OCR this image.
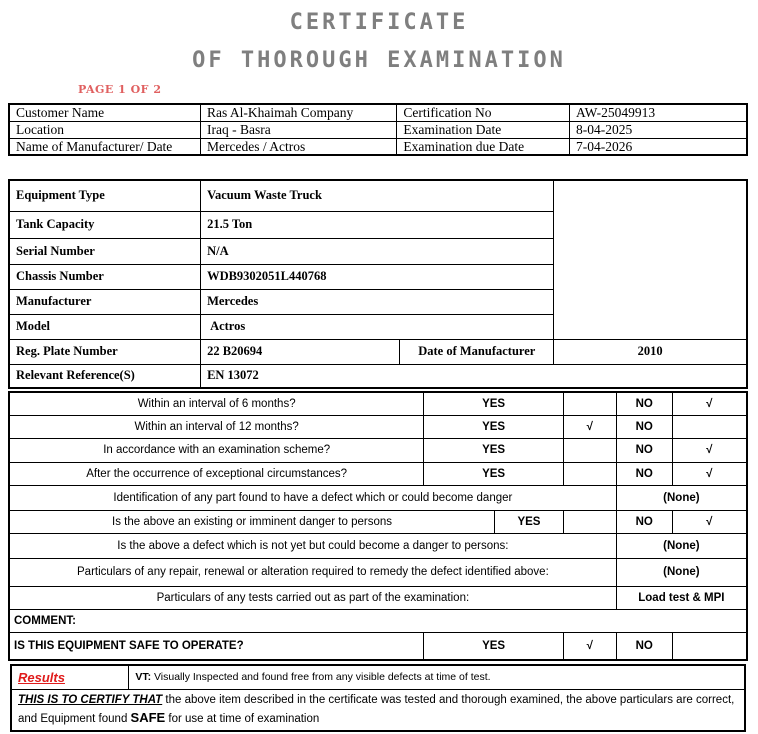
CERTIFICATE
OF THOROUGH EXAMINATION
PAGE 1 OF 2
Customer Name	Ras Al-Khaimah Company	Certification No	AW-25049913
Location	Iraq - Basra	Examination Date	8-04-2025
Name of Manufacturer/ Date	Mercedes / Actros	Examination due Date	7-04-2026
Equipment Type	Vacuum Waste Truck		
Tank Capacity	21.5 Ton		
Serial Number	N/A		
Chassis Number	WDB9302051L440768		
Manufacturer	Mercedes		
Model	Actros		
Reg. Plate Number	22 B20694	Date of Manufacturer	2010
Relevant Reference(S)	EN 13072		
Within an interval of 6 months?	YES			NO	√
Within an interval of 12 months?	YES		√	NO	
In accordance with an examination scheme?	YES			NO	√
After the occurrence of exceptional circumstances?	YES			NO	√
Identification of any part found to have a defect which or could become danger				(None)	
Is the above an existing or imminent danger to persons		YES		NO	√
Is the above a defect which is not yet but could become a danger to persons:				(None)	
Particulars of any repair, renewal or alteration required to remedy the defect identified above:				(None)	
Particulars of any tests carried out as part of the examination:				Load test & MPI	
COMMENT:					
IS THIS EQUIPMENT SAFE TO OPERATE?	YES		√	NO	
Results	VT: Visually Inspected and found free from any visible defects at time of test.
THIS IS TO CERTIFY THAT the above item described in the certificate was tested and thorough examined, the above particulars are correct, and Equipment found SAFE for use at time of examination
